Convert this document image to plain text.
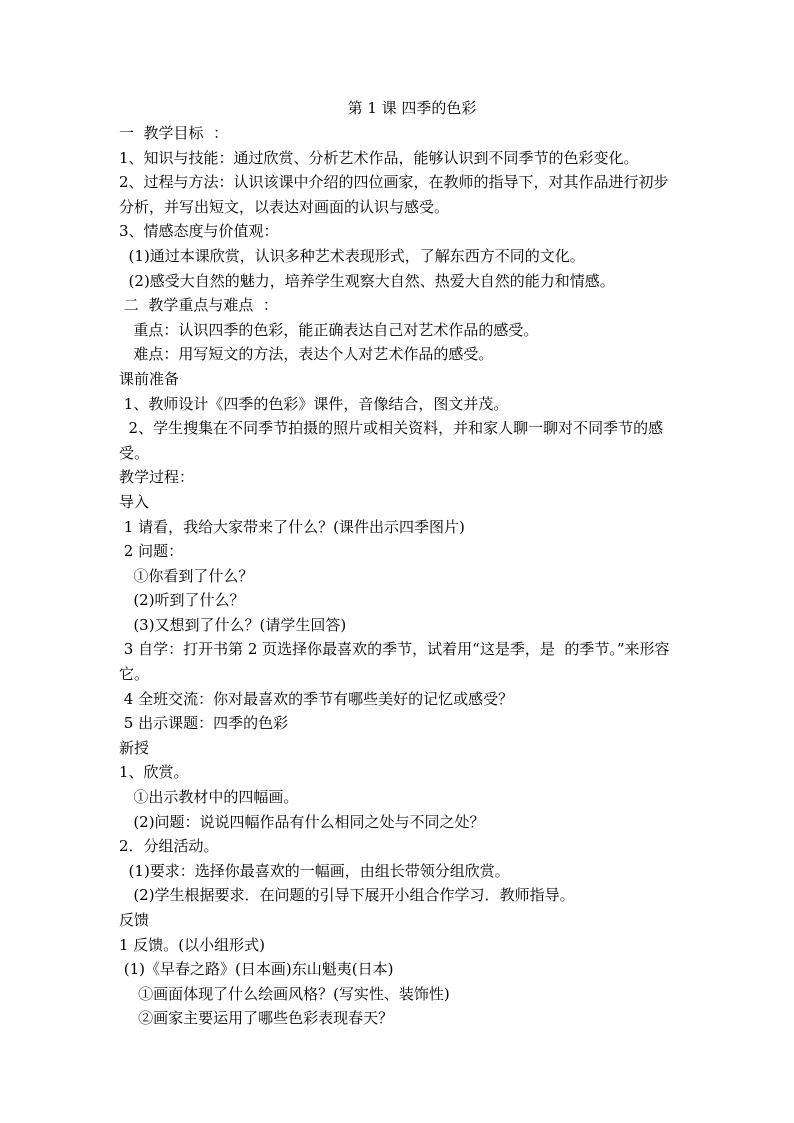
第 1 课 四季的色彩
一  教学目标  ：
1、知识与技能：通过欣赏、分析艺术作品，能够认识到不同季节的色彩变化。
2、过程与方法：认识该课中介绍的四位画家，在教师的指导下，对其作品进行初步分析，并写出短文，以表达对画面的认识与感受。
3、情感态度与价值观：
(1)通过本课欣赏，认识多种艺术表现形式，了解东西方不同的文化。
(2)感受大自然的魅力，培养学生观察大自然、热爱大自然的能力和情感。
二  教学重点与难点  ：
重点：认识四季的色彩，能正确表达自己对艺术作品的感受。
难点：用写短文的方法，表达个人对艺术作品的感受。
课前准备
1、教师设计《四季的色彩》课件，音像结合，图文并茂。
2、学生搜集在不同季节拍摄的照片或相关资料，并和家人聊一聊对不同季节的感受。
教学过程：
导入
1 请看，我给大家带来了什么？(课件出示四季图片)
2 问题：
①你看到了什么？
(2)听到了什么？
(3)又想到了什么？(请学生回答)
3 自学：打开书第 2 页选择你最喜欢的季节，试着用“这是季，是  的季节。”来形容它。
4 全班交流：你对最喜欢的季节有哪些美好的记忆或感受？
5 出示课题：四季的色彩
新授
1、欣赏。
①出示教材中的四幅画。
(2)问题：说说四幅作品有什么相同之处与不同之处？
2．分组活动。
(1)要求：选择你最喜欢的一幅画，由组长带领分组欣赏。
(2)学生根据要求．在问题的引导下展开小组合作学习．教师指导。
反馈
1 反馈。(以小组形式)
(1)《早春之路》(日本画)东山魁夷(日本)
①画面体现了什么绘画风格？(写实性、装饰性)
②画家主要运用了哪些色彩表现春天？
